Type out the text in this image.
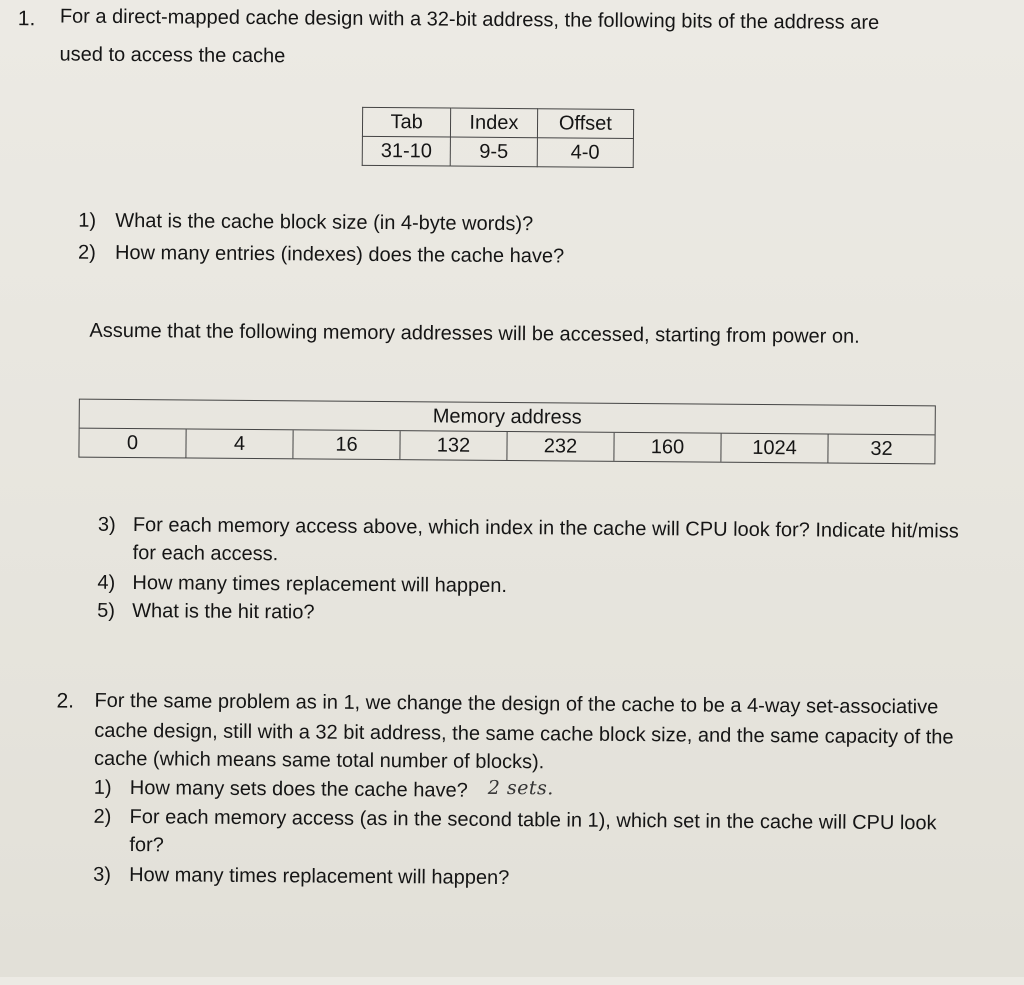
1. For a direct-mapped cache design with a 32-bit address, the following bits of the address are
used to access the cache
Tab	Index	Offset
31-10	9-5	4-0
1) What is the cache block size (in 4-byte words)?
2) How many entries (indexes) does the cache have?
Assume that the following memory addresses will be accessed, starting from power on.
Memory address
0	4	16	132	232	160	1024	32
3) For each memory access above, which index in the cache will CPU look for? Indicate hit/miss
for each access.
4) How many times replacement will happen.
5) What is the hit ratio?
2. For the same problem as in 1, we change the design of the cache to be a 4-way set-associative
cache design, still with a 32 bit address, the same cache block size, and the same capacity of the
cache (which means same total number of blocks).
1) How many sets does the cache have? 2 sets.
2) For each memory access (as in the second table in 1), which set in the cache will CPU look
for?
3) How many times replacement will happen?
